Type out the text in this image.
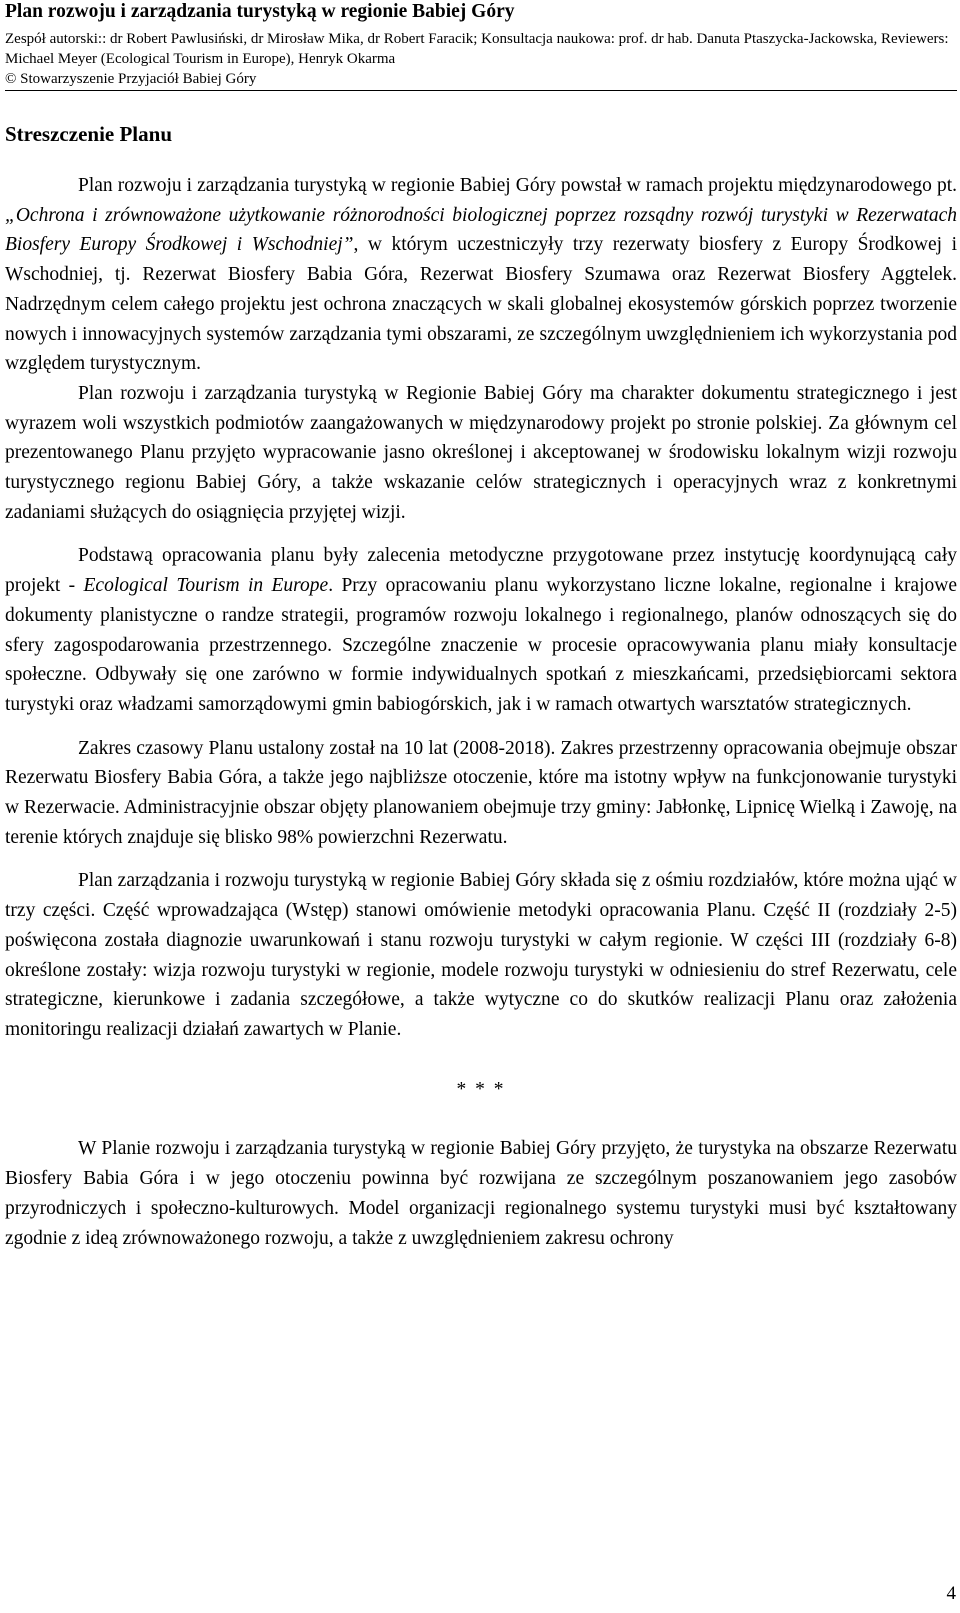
Plan rozwoju i zarządzania turystyką w regionie Babiej Góry
Zespół autorski:: dr Robert Pawlusiński, dr Mirosław Mika, dr Robert Faracik; Konsultacja naukowa: prof. dr hab. Danuta Ptaszycka-Jackowska, Reviewers: Michael Meyer (Ecological Tourism in Europe), Henryk Okarma
© Stowarzyszenie Przyjaciół Babiej Góry
Streszczenie Planu

Plan rozwoju i zarządzania turystyką w regionie Babiej Góry powstał w ramach projektu międzynarodowego pt. „Ochrona i zrównoważone użytkowanie różnorodności biologicznej poprzez rozsądny rozwój turystyki w Rezerwatach Biosfery Europy Środkowej i Wschodniej”, w którym uczestniczyły trzy rezerwaty biosfery z Europy Środkowej i Wschodniej, tj. Rezerwat Biosfery Babia Góra, Rezerwat Biosfery Szumawa oraz Rezerwat Biosfery Aggtelek. Nadrzędnym celem całego projektu jest ochrona znaczących w skali globalnej ekosystemów górskich poprzez tworzenie nowych i innowacyjnych systemów zarządzania tymi obszarami, ze szczególnym uwzględnieniem ich wykorzystania pod względem turystycznym.

Plan rozwoju i zarządzania turystyką w Regionie Babiej Góry ma charakter dokumentu strategicznego i jest wyrazem woli wszystkich podmiotów zaangażowanych w międzynarodowy projekt po stronie polskiej. Za głównym cel prezentowanego Planu przyjęto wypracowanie jasno określonej i akceptowanej w środowisku lokalnym wizji rozwoju turystycznego regionu Babiej Góry, a także wskazanie celów strategicznych i operacyjnych wraz z konkretnymi zadaniami służących do osiągnięcia przyjętej wizji.

Podstawą opracowania planu były zalecenia metodyczne przygotowane przez instytucję koordynującą cały projekt - Ecological Tourism in Europe. Przy opracowaniu planu wykorzystano liczne lokalne, regionalne i krajowe dokumenty planistyczne o randze strategii, programów rozwoju lokalnego i regionalnego, planów odnoszących się do sfery zagospodarowania przestrzennego. Szczególne znaczenie w procesie opracowywania planu miały konsultacje społeczne. Odbywały się one zarówno w formie indywidualnych spotkań z mieszkańcami, przedsiębiorcami sektora turystyki oraz władzami samorządowymi gmin babiogórskich, jak i w ramach otwartych warsztatów strategicznych.

Zakres czasowy Planu ustalony został na 10 lat (2008-2018). Zakres przestrzenny opracowania obejmuje obszar Rezerwatu Biosfery Babia Góra, a także jego najbliższe otoczenie, które ma istotny wpływ na funkcjonowanie turystyki w Rezerwacie. Administracyjnie obszar objęty planowaniem obejmuje trzy gminy: Jabłonkę, Lipnicę Wielką i Zawoję, na terenie których znajduje się blisko 98% powierzchni Rezerwatu.

Plan zarządzania i rozwoju turystyką w regionie Babiej Góry składa się z ośmiu rozdziałów, które można ująć w trzy części. Część wprowadzająca (Wstęp) stanowi omówienie metodyki opracowania Planu. Część II (rozdziały 2-5) poświęcona została diagnozie uwarunkowań i stanu rozwoju turystyki w całym regionie. W części III (rozdziały 6-8) określone zostały: wizja rozwoju turystyki w regionie, modele rozwoju turystyki w odniesieniu do stref Rezerwatu, cele strategiczne, kierunkowe i zadania szczegółowe, a także wytyczne co do skutków realizacji Planu oraz założenia monitoringu realizacji działań zawartych w Planie.

* * *

W Planie rozwoju i zarządzania turystyką w regionie Babiej Góry przyjęto, że turystyka na obszarze Rezerwatu Biosfery Babia Góra i w jego otoczeniu powinna być rozwijana ze szczególnym poszanowaniem jego zasobów przyrodniczych i społeczno-kulturowych. Model organizacji regionalnego systemu turystyki musi być kształtowany zgodnie z ideą zrównoważonego rozwoju, a także z uwzględnieniem zakresu ochrony

4
